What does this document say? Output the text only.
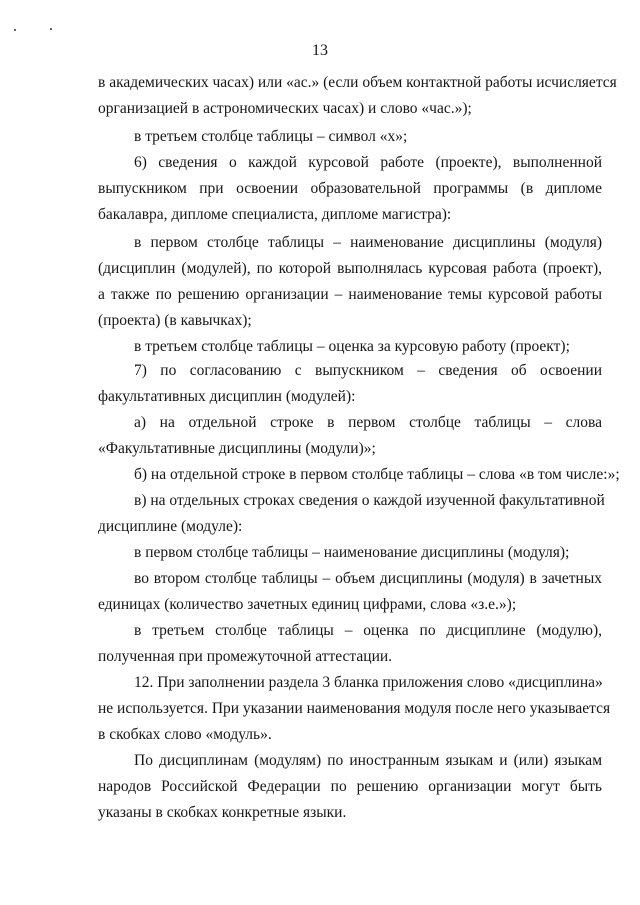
13
в академических часах) или «ас.» (если объем контактной работы исчисляется
организацией в астрономических часах) и слово «час.»);
в третьем столбце таблицы – символ «х»;
6) сведения о каждой курсовой работе (проекте), выполненной
выпускником при освоении образовательной программы (в дипломе
бакалавра, дипломе специалиста, дипломе магистра):
в первом столбце таблицы – наименование дисциплины (модуля)
(дисциплин (модулей), по которой выполнялась курсовая работа (проект),
а также по решению организации – наименование темы курсовой работы
(проекта) (в кавычках);
в третьем столбце таблицы – оценка за курсовую работу (проект);
7) по согласованию с выпускником – сведения об освоении
факультативных дисциплин (модулей):
а) на отдельной строке в первом столбце таблицы – слова
«Факультативные дисциплины (модули)»;
б) на отдельной строке в первом столбце таблицы – слова «в том числе:»;
в) на отдельных строках сведения о каждой изученной факультативной
дисциплине (модуле):
в первом столбце таблицы – наименование дисциплины (модуля);
во втором столбце таблицы – объем дисциплины (модуля) в зачетных
единицах (количество зачетных единиц цифрами, слова «з.е.»);
в третьем столбце таблицы – оценка по дисциплине (модулю),
полученная при промежуточной аттестации.
12. При заполнении раздела 3 бланка приложения слово «дисциплина»
не используется. При указании наименования модуля после него указывается
в скобках слово «модуль».
По дисциплинам (модулям) по иностранным языкам и (или) языкам
народов Российской Федерации по решению организации могут быть
указаны в скобках конкретные языки.
